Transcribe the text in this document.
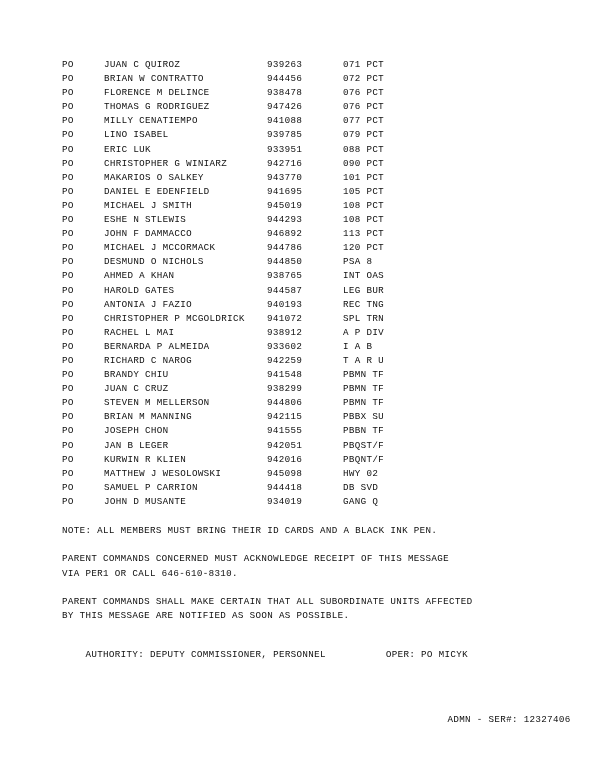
PO	JUAN C QUIROZ	939263	071 PCT
PO	BRIAN W CONTRATTO	944456	072 PCT
PO	FLORENCE M DELINCE	938478	076 PCT
PO	THOMAS G RODRIGUEZ	947426	076 PCT
PO	MILLY CENATIEMPO	941088	077 PCT
PO	LINO ISABEL	939785	079 PCT
PO	ERIC LUK	933951	088 PCT
PO	CHRISTOPHER G WINIARZ	942716	090 PCT
PO	MAKARIOS O SALKEY	943770	101 PCT
PO	DANIEL E EDENFIELD	941695	105 PCT
PO	MICHAEL J SMITH	945019	108 PCT
PO	ESHE N STLEWIS	944293	108 PCT
PO	JOHN F DAMMACCO	946892	113 PCT
PO	MICHAEL J MCCORMACK	944786	120 PCT
PO	DESMUND O NICHOLS	944850	PSA 8
PO	AHMED A KHAN	938765	INT OAS
PO	HAROLD GATES	944587	LEG BUR
PO	ANTONIA J FAZIO	940193	REC TNG
PO	CHRISTOPHER P MCGOLDRICK 941072	SPL TRN
PO	RACHEL L MAI	938912	A P DIV
PO	BERNARDA P ALMEIDA	933602	I A B
PO	RICHARD C NAROG	942259	T A R U
PO	BRANDY CHIU	941548	PBMN TF
PO	JUAN C CRUZ	938299	PBMN TF
PO	STEVEN M MELLERSON	944806	PBMN TF
PO	BRIAN M MANNING	942115	PBBX SU
PO	JOSEPH CHON	941555	PBBN TF
PO	JAN B LEGER	942051	PBQST/F
PO	KURWIN R KLIEN	942016	PBQNT/F
PO	MATTHEW J WESOLOWSKI	945098	HWY 02
PO	SAMUEL P CARRION	944418	DB SVD
PO	JOHN D MUSANTE	934019	GANG Q
NOTE: ALL MEMBERS MUST BRING THEIR ID CARDS AND A BLACK INK PEN.
PARENT COMMANDS CONCERNED MUST ACKNOWLEDGE RECEIPT OF THIS MESSAGE
VIA PER1 OR CALL 646-610-8310.
PARENT COMMANDS SHALL MAKE CERTAIN THAT ALL SUBORDINATE UNITS AFFECTED
BY THIS MESSAGE ARE NOTIFIED AS SOON AS POSSIBLE.

AUTHORITY: DEPUTY COMMISSIONER, PERSONNEL	OPER: PO MICYK

ADMN - SER#: 12327406
